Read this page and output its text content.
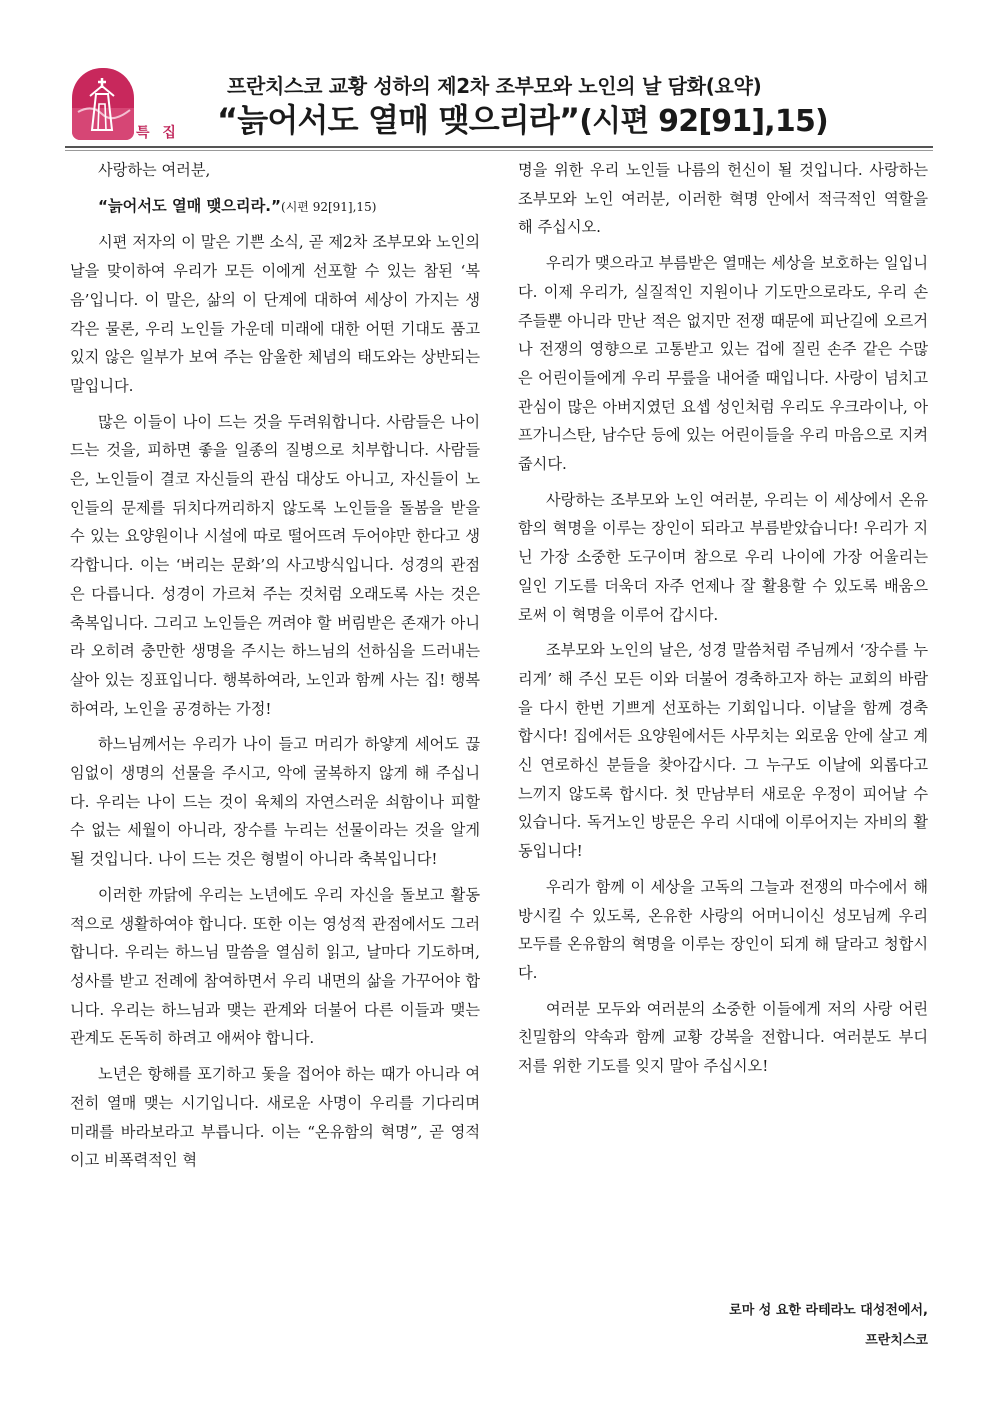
특 집
프란치스코 교황 성하의 제2차 조부모와 노인의 날 담화(요약)
“늙어서도 열매 맺으리라”(시편 92[91],15)

사랑하는 여러분,

“늙어서도 열매 맺으리라.”(시편 92[91],15)

시편 저자의 이 말은 기쁜 소식, 곧 제2차 조부모와 노인의 날을 맞이하여 우리가 모든 이에게 선포할 수 있는 참된 ‘복음’입니다. 이 말은, 삶의 이 단계에 대하여 세상이 가지는 생각은 물론, 우리 노인들 가운데 미래에 대한 어떤 기대도 품고 있지 않은 일부가 보여 주는 암울한 체념의 태도와는 상반되는 말입니다.

많은 이들이 나이 드는 것을 두려워합니다. 사람들은 나이 드는 것을, 피하면 좋을 일종의 질병으로 치부합니다. 사람들은, 노인들이 결코 자신들의 관심 대상도 아니고, 자신들이 노인들의 문제를 뒤치다꺼리하지 않도록 노인들을 돌봄을 받을 수 있는 요양원이나 시설에 따로 떨어뜨려 두어야만 한다고 생각합니다. 이는 ‘버리는 문화’의 사고방식입니다. 성경의 관점은 다릅니다. 성경이 가르쳐 주는 것처럼 오래도록 사는 것은 축복입니다. 그리고 노인들은 꺼려야 할 버림받은 존재가 아니라 오히려 충만한 생명을 주시는 하느님의 선하심을 드러내는 살아 있는 징표입니다. 행복하여라, 노인과 함께 사는 집! 행복하여라, 노인을 공경하는 가정!

하느님께서는 우리가 나이 들고 머리가 하얗게 세어도 끊임없이 생명의 선물을 주시고, 악에 굴복하지 않게 해 주십니다. 우리는 나이 드는 것이 육체의 자연스러운 쇠함이나 피할 수 없는 세월이 아니라, 장수를 누리는 선물이라는 것을 알게 될 것입니다. 나이 드는 것은 형벌이 아니라 축복입니다!

이러한 까닭에 우리는 노년에도 우리 자신을 돌보고 활동적으로 생활하여야 합니다. 또한 이는 영성적 관점에서도 그러합니다. 우리는 하느님 말씀을 열심히 읽고, 날마다 기도하며, 성사를 받고 전례에 참여하면서 우리 내면의 삶을 가꾸어야 합니다. 우리는 하느님과 맺는 관계와 더불어 다른 이들과 맺는 관계도 돈독히 하려고 애써야 합니다.

노년은 항해를 포기하고 돛을 접어야 하는 때가 아니라 여전히 열매 맺는 시기입니다. 새로운 사명이 우리를 기다리며 미래를 바라보라고 부릅니다. 이는 “온유함의 혁명”, 곧 영적이고 비폭력적인 혁

명을 위한 우리 노인들 나름의 헌신이 될 것입니다. 사랑하는 조부모와 노인 여러분, 이러한 혁명 안에서 적극적인 역할을 해 주십시오.

우리가 맺으라고 부름받은 열매는 세상을 보호하는 일입니다. 이제 우리가, 실질적인 지원이나 기도만으로라도, 우리 손주들뿐 아니라 만난 적은 없지만 전쟁 때문에 피난길에 오르거나 전쟁의 영향으로 고통받고 있는 겁에 질린 손주 같은 수많은 어린이들에게 우리 무릎을 내어줄 때입니다. 사랑이 넘치고 관심이 많은 아버지였던 요셉 성인처럼 우리도 우크라이나, 아프가니스탄, 남수단 등에 있는 어린이들을 우리 마음으로 지켜줍시다.

사랑하는 조부모와 노인 여러분, 우리는 이 세상에서 온유함의 혁명을 이루는 장인이 되라고 부름받았습니다! 우리가 지닌 가장 소중한 도구이며 참으로 우리 나이에 가장 어울리는 일인 기도를 더욱더 자주 언제나 잘 활용할 수 있도록 배움으로써 이 혁명을 이루어 갑시다.

조부모와 노인의 날은, 성경 말씀처럼 주님께서 ‘장수를 누리게’ 해 주신 모든 이와 더불어 경축하고자 하는 교회의 바람을 다시 한번 기쁘게 선포하는 기회입니다. 이날을 함께 경축합시다! 집에서든 요양원에서든 사무치는 외로움 안에 살고 계신 연로하신 분들을 찾아갑시다. 그 누구도 이날에 외롭다고 느끼지 않도록 합시다. 첫 만남부터 새로운 우정이 피어날 수 있습니다. 독거노인 방문은 우리 시대에 이루어지는 자비의 활동입니다!

우리가 함께 이 세상을 고독의 그늘과 전쟁의 마수에서 해방시킬 수 있도록, 온유한 사랑의 어머니이신 성모님께 우리 모두를 온유함의 혁명을 이루는 장인이 되게 해 달라고 청합시다.

여러분 모두와 여러분의 소중한 이들에게 저의 사랑 어린 친밀함의 약속과 함께 교황 강복을 전합니다. 여러분도 부디 저를 위한 기도를 잊지 말아 주십시오!

로마 성 요한 라테라노 대성전에서,
프란치스코
